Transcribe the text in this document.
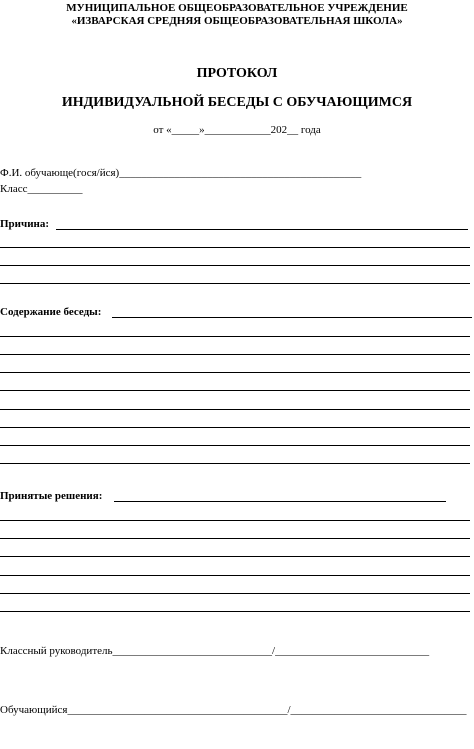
МУНИЦИПАЛЬНОЕ ОБЩЕОБРАЗОВАТЕЛЬНОЕ УЧРЕЖДЕНИЕ
«ИЗВАРСКАЯ СРЕДНЯЯ ОБЩЕОБРАЗОВАТЕЛЬНАЯ ШКОЛА»
ПРОТОКОЛ
ИНДИВИДУАЛЬНОЙ БЕСЕДЫ С ОБУЧАЮЩИМСЯ
от «_____»____________202__ года
Ф.И. обучающе(гося/йся)____________________________________________
Класс__________
Причина:
Содержание беседы:
Принятые решения:
Классный руководитель_____________________________/____________________________
Обучающийся________________________________________/________________________________
